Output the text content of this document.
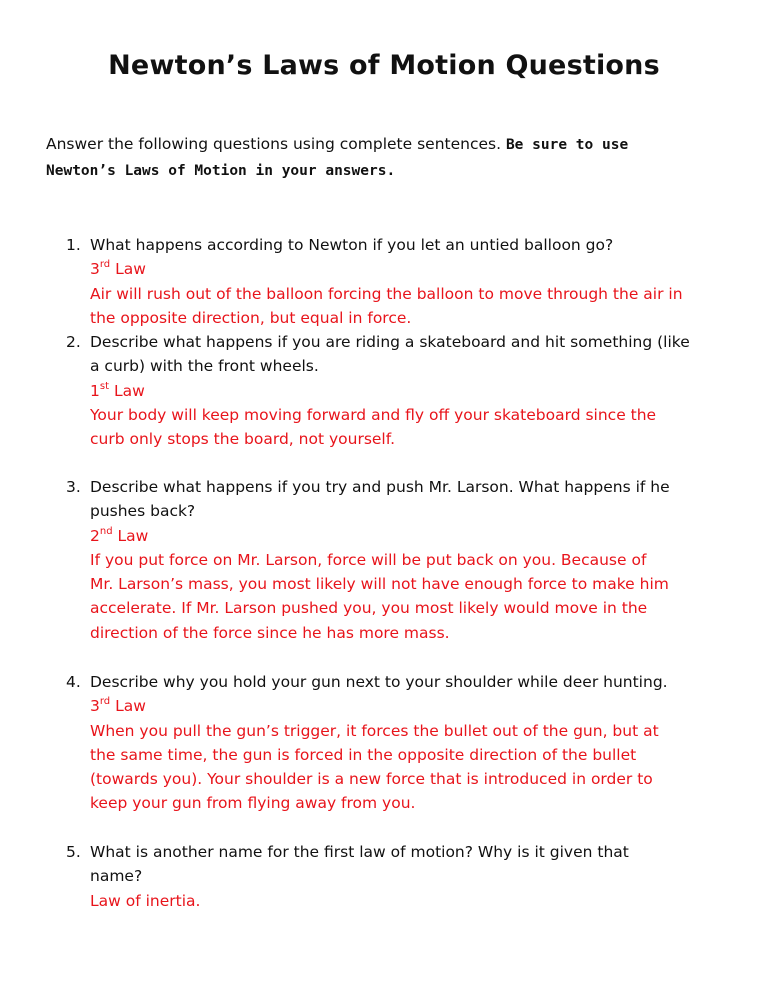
Newton’s Laws of Motion Questions
Answer the following questions using complete sentences. Be sure to use
Newton’s Laws of Motion in your answers.
1. What happens according to Newton if you let an untied balloon go?
3rd Law
Air will rush out of the balloon forcing the balloon to move through the air in
the opposite direction, but equal in force.
2. Describe what happens if you are riding a skateboard and hit something (like
a curb) with the front wheels.
1st Law
Your body will keep moving forward and fly off your skateboard since the
curb only stops the board, not yourself.
3. Describe what happens if you try and push Mr. Larson. What happens if he
pushes back?
2nd Law
If you put force on Mr. Larson, force will be put back on you. Because of
Mr. Larson’s mass, you most likely will not have enough force to make him
accelerate. If Mr. Larson pushed you, you most likely would move in the
direction of the force since he has more mass.
4. Describe why you hold your gun next to your shoulder while deer hunting.
3rd Law
When you pull the gun’s trigger, it forces the bullet out of the gun, but at
the same time, the gun is forced in the opposite direction of the bullet
(towards you). Your shoulder is a new force that is introduced in order to
keep your gun from flying away from you.
5. What is another name for the first law of motion? Why is it given that
name?
Law of inertia.
